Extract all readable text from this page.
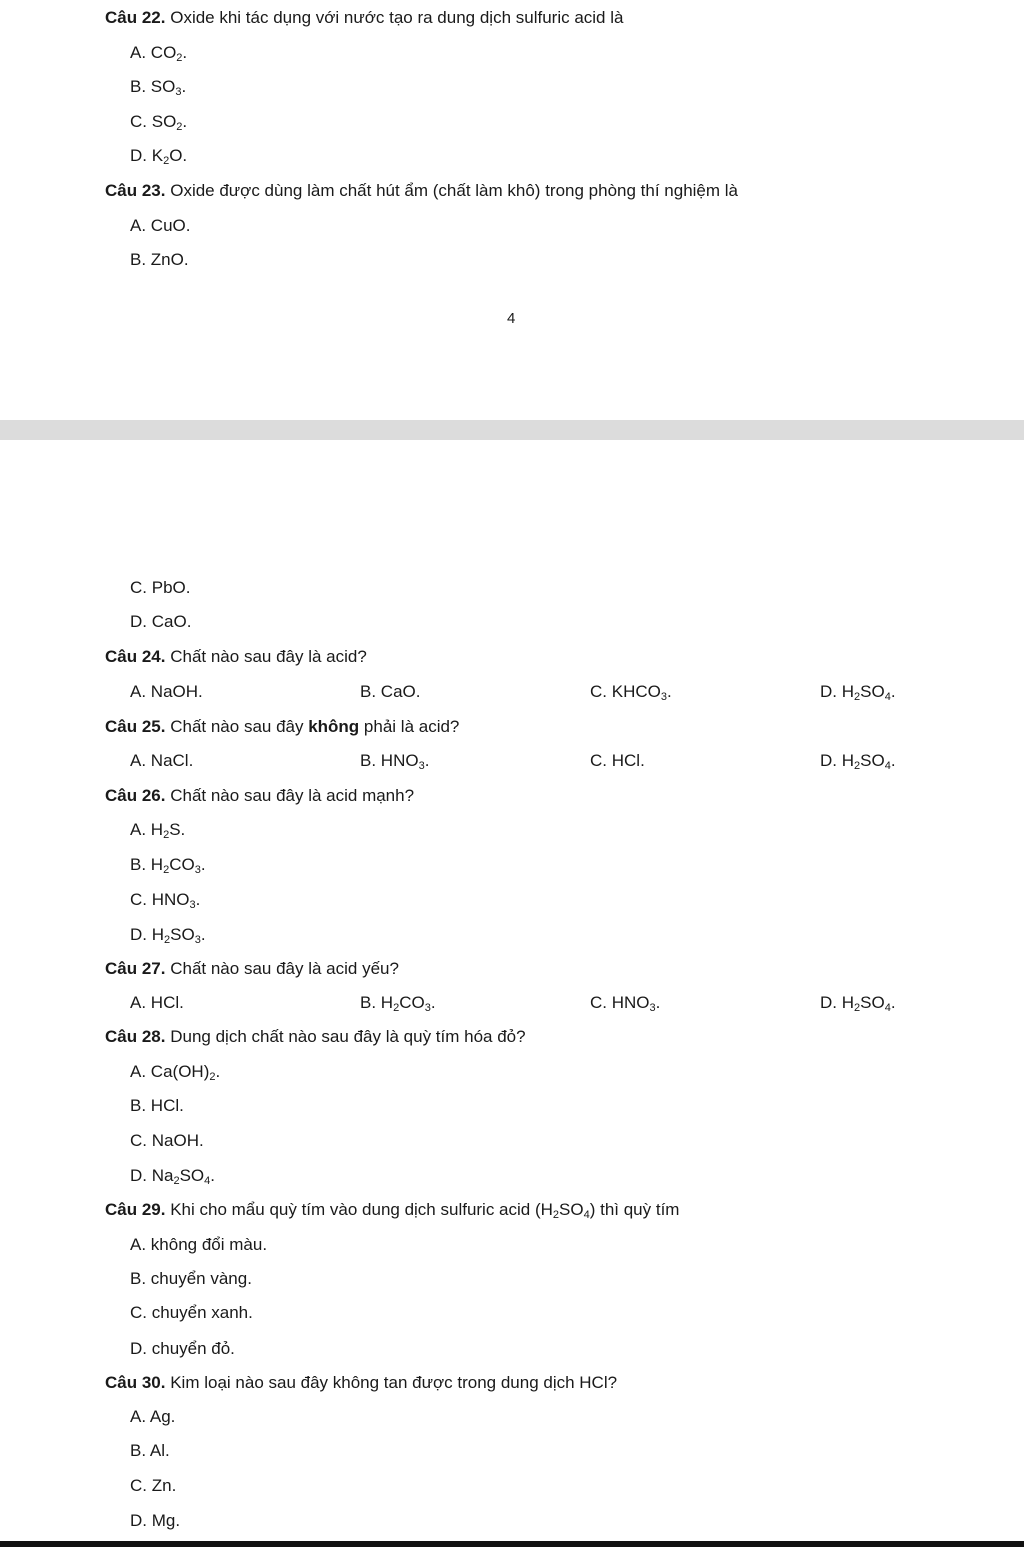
Câu 22. Oxide khi tác dụng với nước tạo ra dung dịch sulfuric acid là
A. $CO_2$.
B. $SO_3$.
C. $SO_2$.
D. $K_2O$.
Câu 23. Oxide được dùng làm chất hút ẩm (chất làm khô) trong phòng thí nghiệm là
A. CuO.
B. ZnO.
4
C. PbO.
D. CaO.
Câu 24. Chất nào sau đây là acid?
A. NaOH.	B. CaO.	C. $KHCO_3$.	D. $H_2SO_4$.
Câu 25. Chất nào sau đây không phải là acid?
A. NaCl.	B. $HNO_3$.	C. HCl.	D. $H_2SO_4$.
Câu 26. Chất nào sau đây là acid mạnh?
A. $H_2S$.
B. $H_2CO_3$.
C. $HNO_3$.
D. $H_2SO_3$.
Câu 27. Chất nào sau đây là acid yếu?
A. HCl.	B. $H_2CO_3$.	C. $HNO_3$.	D. $H_2SO_4$.
Câu 28. Dung dịch chất nào sau đây là quỳ tím hóa đỏ?
A. $Ca(OH)_2$.
B. HCl.
C. NaOH.
D. $Na_2SO_4$.
Câu 29. Khi cho mẩu quỳ tím vào dung dịch sulfuric acid $(H_2SO_4)$ thì quỳ tím
A. không đổi màu.
B. chuyển vàng.
C. chuyển xanh.
D. chuyển đỏ.
Câu 30. Kim loại nào sau đây không tan được trong dung dịch HCl?
A. Ag.
B. Al.
C. Zn.
D. Mg.
